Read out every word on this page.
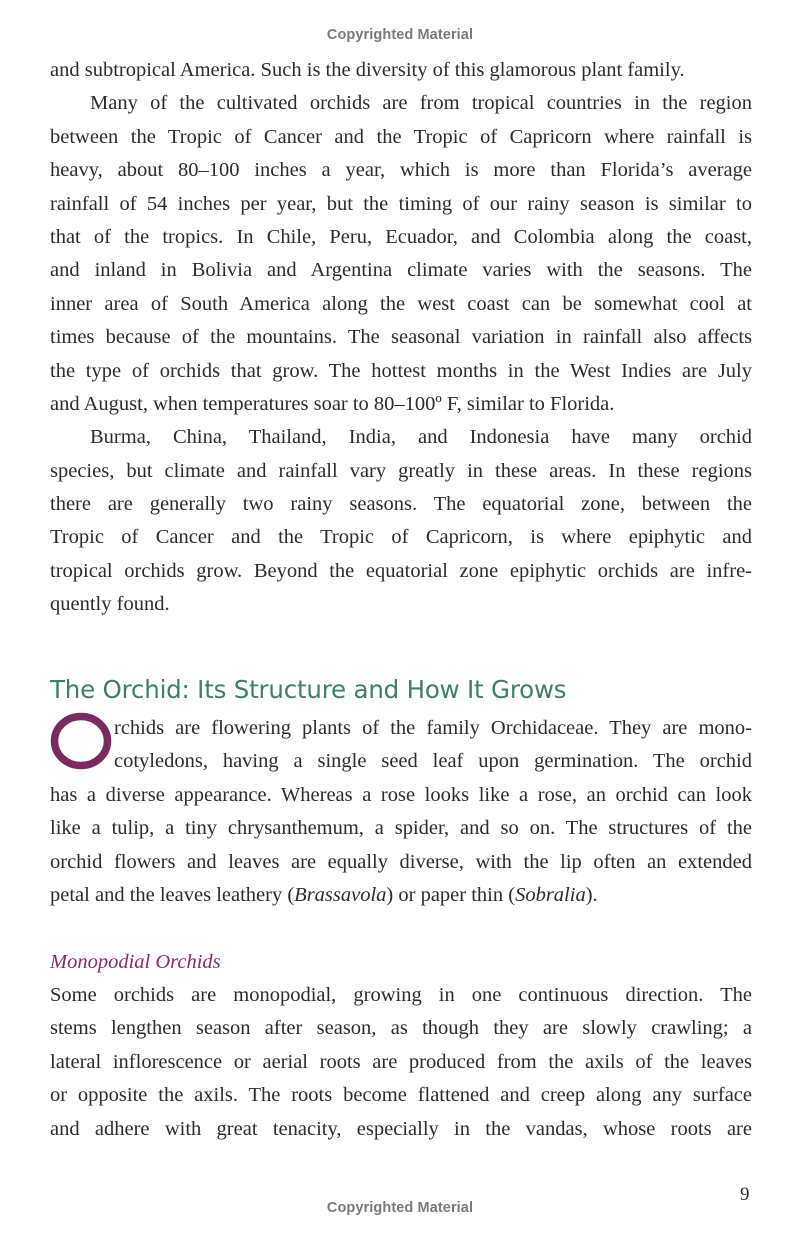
Copyrighted Material
and subtropical America. Such is the diversity of this glamorous plant family.
Many of the cultivated orchids are from tropical countries in the region
between the Tropic of Cancer and the Tropic of Capricorn where rainfall is
heavy, about 80–100 inches a year, which is more than Florida’s average
rainfall of 54 inches per year, but the timing of our rainy season is similar to
that of the tropics. In Chile, Peru, Ecuador, and Colombia along the coast,
and inland in Bolivia and Argentina climate varies with the seasons. The
inner area of South America along the west coast can be somewhat cool at
times because of the mountains. The seasonal variation in rainfall also affects
the type of orchids that grow. The hottest months in the West Indies are July
and August, when temperatures soar to 80–100º F, similar to Florida.
Burma, China, Thailand, India, and Indonesia have many orchid
species, but climate and rainfall vary greatly in these areas. In these regions
there are generally two rainy seasons. The equatorial zone, between the
Tropic of Cancer and the Tropic of Capricorn, is where epiphytic and
tropical orchids grow. Beyond the equatorial zone epiphytic orchids are infre-
quently found.
The Orchid: Its Structure and How It Grows
rchids are flowering plants of the family Orchidaceae. They are mono-
cotyledons, having a single seed leaf upon germination. The orchid
has a diverse appearance. Whereas a rose looks like a rose, an orchid can look
like a tulip, a tiny chrysanthemum, a spider, and so on. The structures of the
orchid flowers and leaves are equally diverse, with the lip often an extended
petal and the leaves leathery (Brassavola) or paper thin (Sobralia).
Monopodial Orchids
Some orchids are monopodial, growing in one continuous direction. The
stems lengthen season after season, as though they are slowly crawling; a
lateral inflorescence or aerial roots are produced from the axils of the leaves
or opposite the axils. The roots become flattened and creep along any surface
and adhere with great tenacity, especially in the vandas, whose roots are
9
Copyrighted Material
